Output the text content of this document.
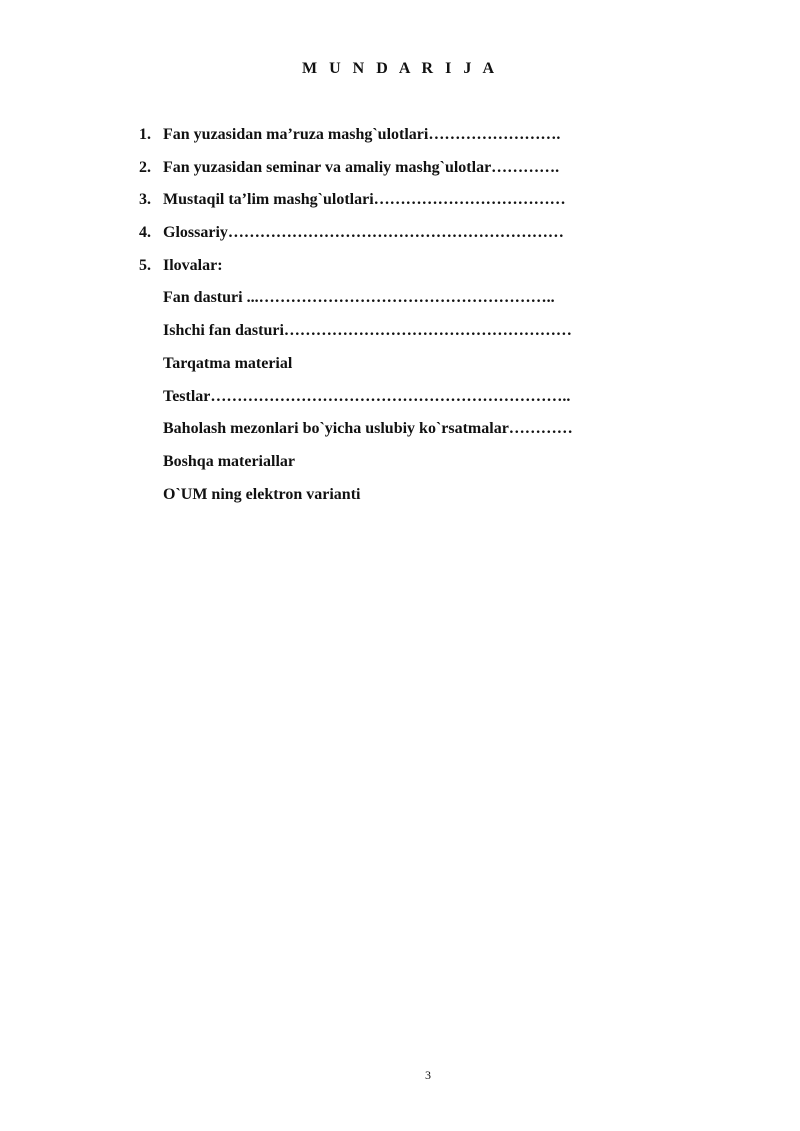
M U N D A R I J A
1. Fan yuzasidan ma’ruza mashg`ulotlari…………………….
2. Fan yuzasidan seminar va amaliy mashg`ulotlar………….
3. Mustaqil ta’lim mashg`ulotlari………………………………
4. Glossariy………………………………………………………
5. Ilovalar:
Fan dasturi ...………………………………………………..
Ishchi fan dasturi………………………………………………
Tarqatma material
Testlar…………………………………………………………..
Baholash mezonlari bo`yicha uslubiy ko`rsatmalar…………
Boshqa materiallar
O`UM ning elektron varianti
3
